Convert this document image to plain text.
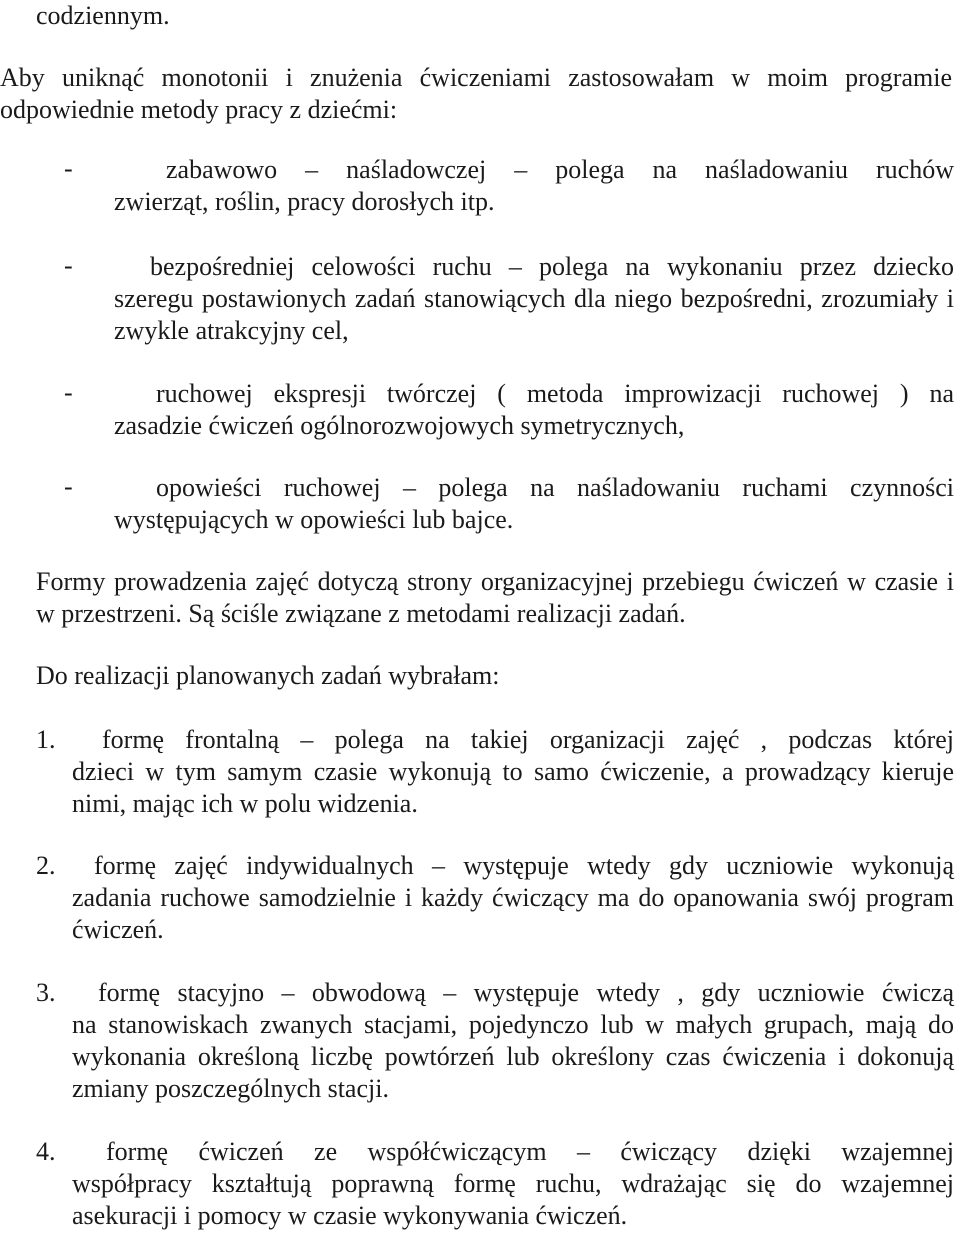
codziennym.

Aby uniknąć monotonii i znużenia ćwiczeniami zastosowałam w moim programie odpowiednie metody pracy z dziećmi:

-	zabawowo – naśladowczej – polega na naśladowaniu ruchów

zwierząt, roślin, pracy dorosłych itp.

-	bezpośredniej celowości ruchu – polega na wykonaniu przez dziecko

szeregu postawionych zadań stanowiących dla niego bezpośredni, zrozumiały i zwykle atrakcyjny cel,

-	ruchowej ekspresji twórczej ( metoda improwizacji ruchowej ) na

zasadzie ćwiczeń ogólnorozwojowych symetrycznych,

-	opowieści ruchowej – polega na naśladowaniu ruchami czynności

występujących w opowieści lub bajce.

Formy prowadzenia zajęć dotyczą strony organizacyjnej przebiegu ćwiczeń w czasie i w przestrzeni. Są ściśle związane z metodami realizacji zadań.

Do realizacji planowanych zadań wybrałam:

1. formę frontalną – polega na takiej organizacji zajęć , podczas której

dzieci w tym samym czasie wykonują to samo ćwiczenie, a prowadzący kieruje nimi, mając ich w polu widzenia.

2. formę zajęć indywidualnych – występuje wtedy gdy uczniowie wykonują

zadania ruchowe samodzielnie i każdy ćwiczący ma do opanowania swój program ćwiczeń.

3. formę stacyjno – obwodową – występuje wtedy , gdy uczniowie ćwiczą

na stanowiskach zwanych stacjami, pojedynczo lub w małych grupach, mają do wykonania określoną liczbę powtórzeń lub określony czas ćwiczenia i dokonują zmiany poszczególnych stacji.

4. formę ćwiczeń ze współćwiczącym – ćwiczący dzięki wzajemnej

współpracy kształtują poprawną formę ruchu, wdrażając się do wzajemnej asekuracji i pomocy w czasie wykonywania ćwiczeń.
